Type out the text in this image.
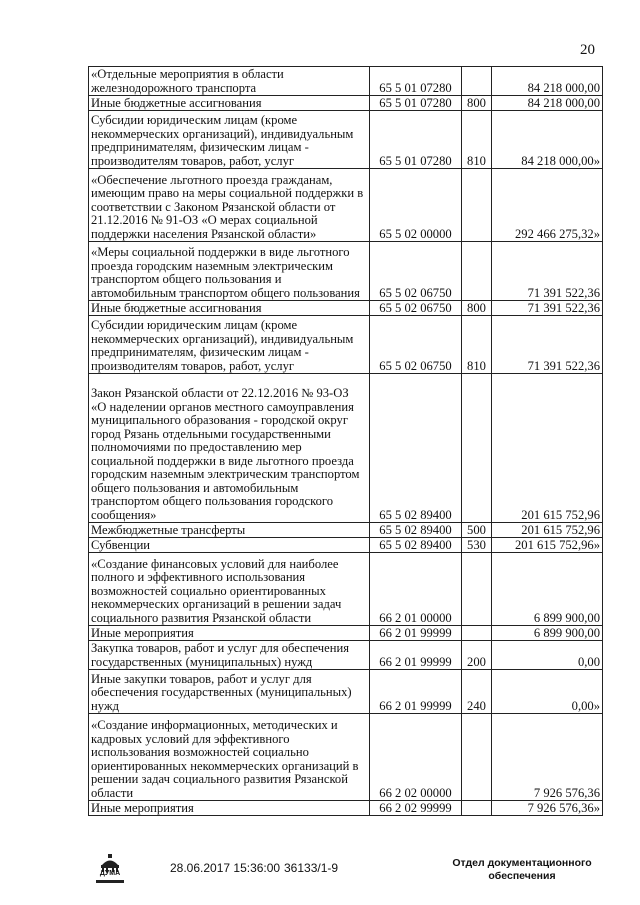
20
«Отдельные мероприятия в области железнодорожного транспорта	65 5 01 07280		84 218 000,00
Иные бюджетные ассигнования	65 5 01 07280	800	84 218 000,00
Субсидии юридическим лицам (кроме некоммерческих организаций), индивидуальным предпринимателям, физическим лицам - производителям товаров, работ, услуг	65 5 01 07280	810	84 218 000,00»
«Обеспечение льготного проезда гражданам, имеющим право на меры социальной поддержки в соответствии с Законом Рязанской области от 21.12.2016 № 91-ОЗ «О мерах социальной поддержки населения Рязанской области»	65 5 02 00000		292 466 275,32»
«Меры социальной поддержки в виде льготного проезда городским наземным электрическим транспортом общего пользования и автомобильным транспортом общего пользования	65 5 02 06750		71 391 522,36
Иные бюджетные ассигнования	65 5 02 06750	800	71 391 522,36
Субсидии юридическим лицам (кроме некоммерческих организаций), индивидуальным предпринимателям, физическим лицам - производителям товаров, работ, услуг	65 5 02 06750	810	71 391 522,36
Закон Рязанской области от 22.12.2016 № 93-ОЗ «О наделении органов местного самоуправления муниципального образования - городской округ город Рязань отдельными государственными полномочиями по предоставлению мер социальной поддержки в виде льготного проезда городским наземным электрическим транспортом общего пользования и автомобильным транспортом общего пользования городского сообщения»	65 5 02 89400		201 615 752,96
Межбюджетные трансферты	65 5 02 89400	500	201 615 752,96
Субвенции	65 5 02 89400	530	201 615 752,96»
«Создание финансовых условий для наиболее полного и эффективного использования возможностей социально ориентированных некоммерческих организаций в решении задач социального развития Рязанской области	66 2 01 00000		6 899 900,00
Иные мероприятия	66 2 01 99999		6 899 900,00
Закупка товаров, работ и услуг для обеспечения государственных (муниципальных) нужд	66 2 01 99999	200	0,00
Иные закупки товаров, работ и услуг для обеспечения государственных (муниципальных) нужд	66 2 01 99999	240	0,00»
«Создание информационных, методических и кадровых условий для эффективного использования возможностей социально ориентированных некоммерческих организаций в решении задач социального развития Рязанской области	66 2 02 00000		7 926 576,36
Иные мероприятия	66 2 02 99999		7 926 576,36»
ДУМА	28.06.2017 15:36:00 36133/1-9	Отдел документационного обеспечения
